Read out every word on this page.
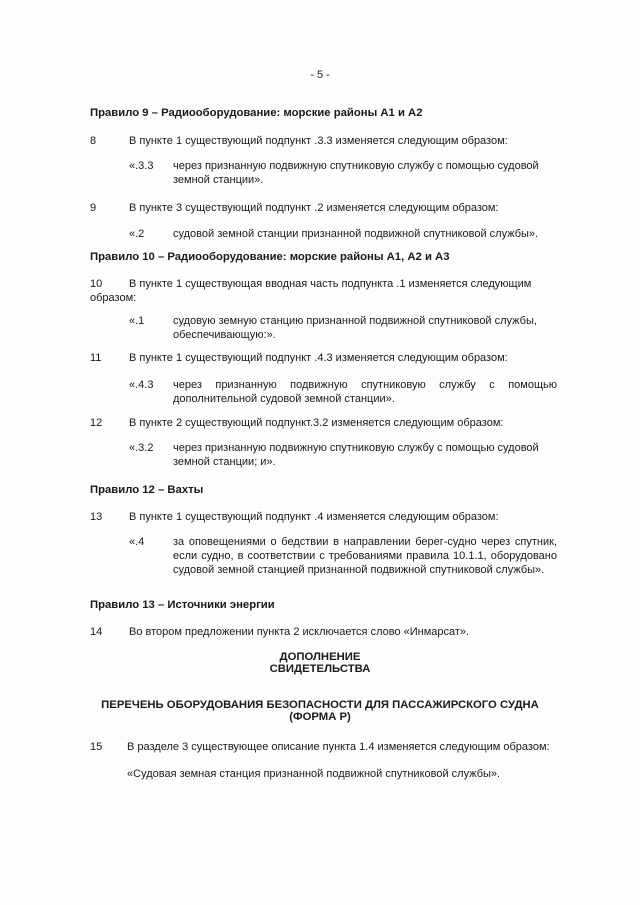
- 5 -
Правило 9 – Радиооборудование: морские районы А1 и А2
8	В пункте 1 существующий подпункт .3.3 изменяется следующим образом:
«.3.3 через признанную подвижную спутниковую службу с помощью судовой земной станции».
9	В пункте 3 существующий подпункт .2 изменяется следующим образом:
«.2	судовой земной станции признанной подвижной спутниковой службы».
Правило 10 – Радиооборудование: морские районы А1, А2 и А3
10 В пункте 1 существующая вводная часть подпункта .1 изменяется следующим образом:
«.1	судовую земную станцию признанной подвижной спутниковой службы, обеспечивающую:».
11	В пункте 1 существующий подпункт .4.3 изменяется следующим образом:
«.4.3 через признанную подвижную спутниковую службу с помощью дополнительной судовой земной станции».
12 В пункте 2 существующий подпункт.3.2 изменяется следующим образом:
«.3.2 через признанную подвижную спутниковую службу с помощью судовой земной станции; и».
Правило 12 – Вахты
13 В пункте 1 существующий подпункт .4 изменяется следующим образом:
«.4	за оповещениями о бедствии в направлении берег-судно через спутник, если судно, в соответствии с требованиями правила 10.1.1, оборудовано судовой земной станцией признанной подвижной спутниковой службы».
Правило 13 – Источники энергии
14 Во втором предложении пункта 2 исключается слово «Инмарсат».
ДОПОЛНЕНИЕ
СВИДЕТЕЛЬСТВА
ПЕРЕЧЕНЬ ОБОРУДОВАНИЯ БЕЗОПАСНОСТИ ДЛЯ ПАССАЖИРСКОГО СУДНА
(ФОРМА Р)
15 В разделе 3 существующее описание пункта 1.4 изменяется следующим образом:
«Судовая земная станция признанной подвижной спутниковой службы».
